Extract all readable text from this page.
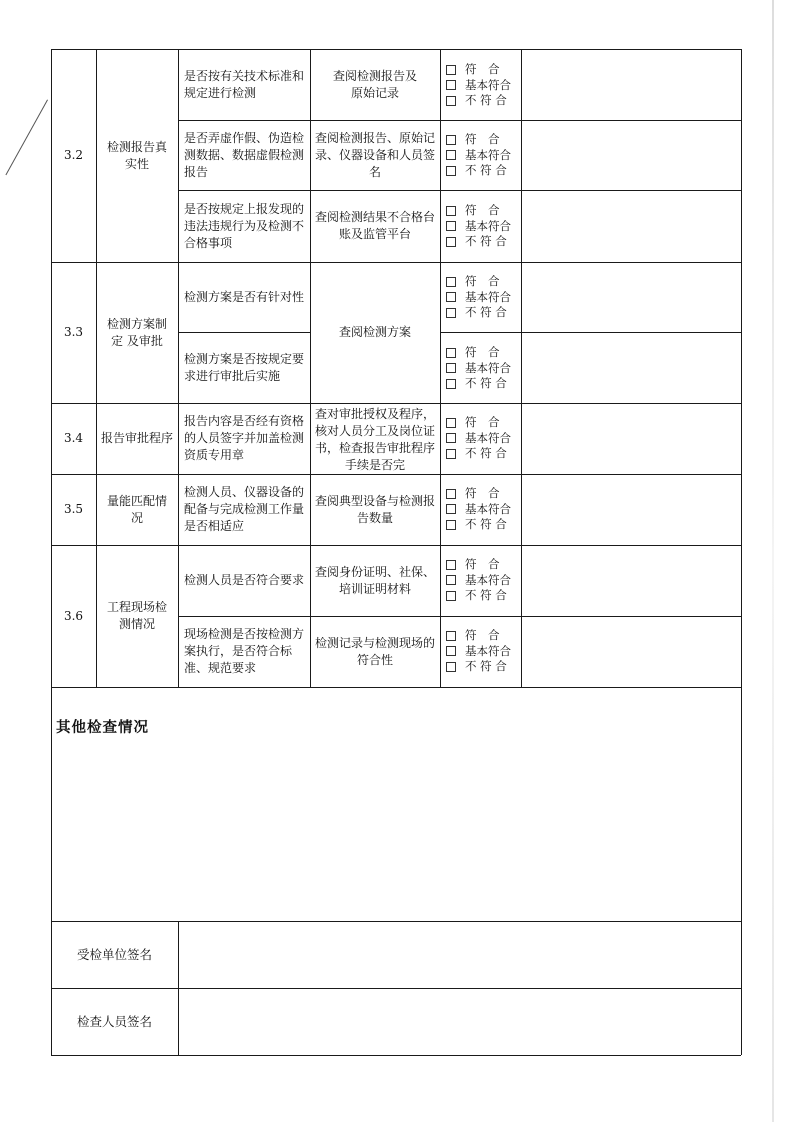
3.2
检测报告真实性
是否按有关技术标准和规定进行检测
查阅检测报告及原始记录
符　合
基本符合
不 符 合
是否弄虚作假、伪造检测数据、数据虚假检测报告
查阅检测报告、原始记录、仪器设备和人员签名
符　合
基本符合
不 符 合
是否按规定上报发现的违法违规行为及检测不合格事项
查阅检测结果不合格台账及监管平台
符　合
基本符合
不 符 合
3.3
检测方案制定 及审批
检测方案是否有针对性
检测方案是否按规定要求进行审批后实施
查阅检测方案
符　合
基本符合
不 符 合
符　合
基本符合
不 符 合
3.4	报告审批程序
报告内容是否经有资格 的人员签字并加盖检测 资质专用章
查对审批授权及程序，核对人员分工及岗位证书，检查报告审批程序手续是否完
符　合
基本符合
不 符 合
3.5
量能匹配情况
检测人员、仪器设备的 配备与完成检测工作量 是否相适应
查阅典型设备与检测报告数量
符　合
基本符合
不 符 合
3.6
工程现场检测情况
检测人员是否符合要求
查阅身份证明、社保、培训证明材料
符　合
基本符合
不 符 合
现场检测是否按检测方案执行，是否符合标准、规范要求
检测记录与检测现场的符合性
符　合
基本符合
不 符 合
其他检查情况
受检单位签名
检查人员签名
